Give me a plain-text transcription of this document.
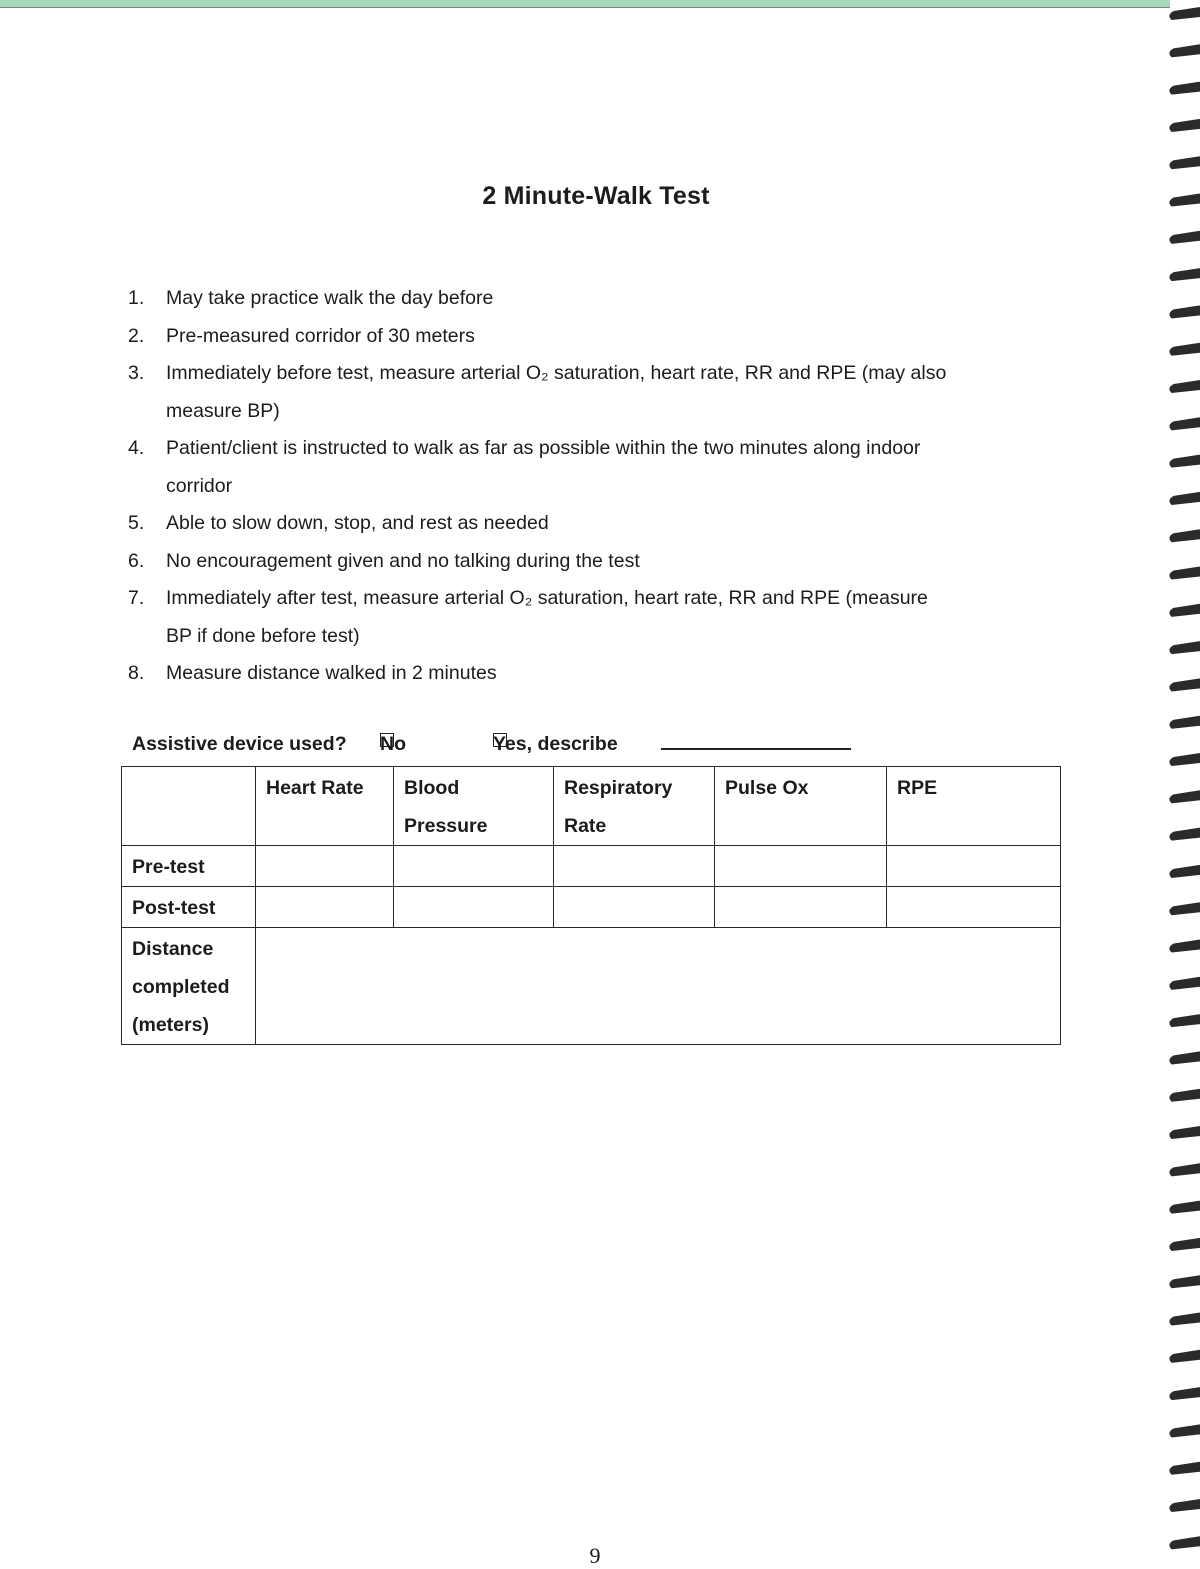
2 Minute-Walk Test
1. May take practice walk the day before
2. Pre-measured corridor of 30 meters
3. Immediately before test, measure arterial O₂ saturation, heart rate, RR and RPE (may also
measure BP)
4. Patient/client is instructed to walk as far as possible within the two minutes along indoor
corridor
5. Able to slow down, stop, and rest as needed
6. No encouragement given and no talking during the test
7. Immediately after test, measure arterial O₂ saturation, heart rate, RR and RPE (measure
BP if done before test)
8. Measure distance walked in 2 minutes
Assistive device used? No	Yes, describe
	Heart Rate	Blood Pressure	Respiratory Rate	Pulse Ox	RPE
Pre-test					
Post-test					
Distance completed (meters)					
9
